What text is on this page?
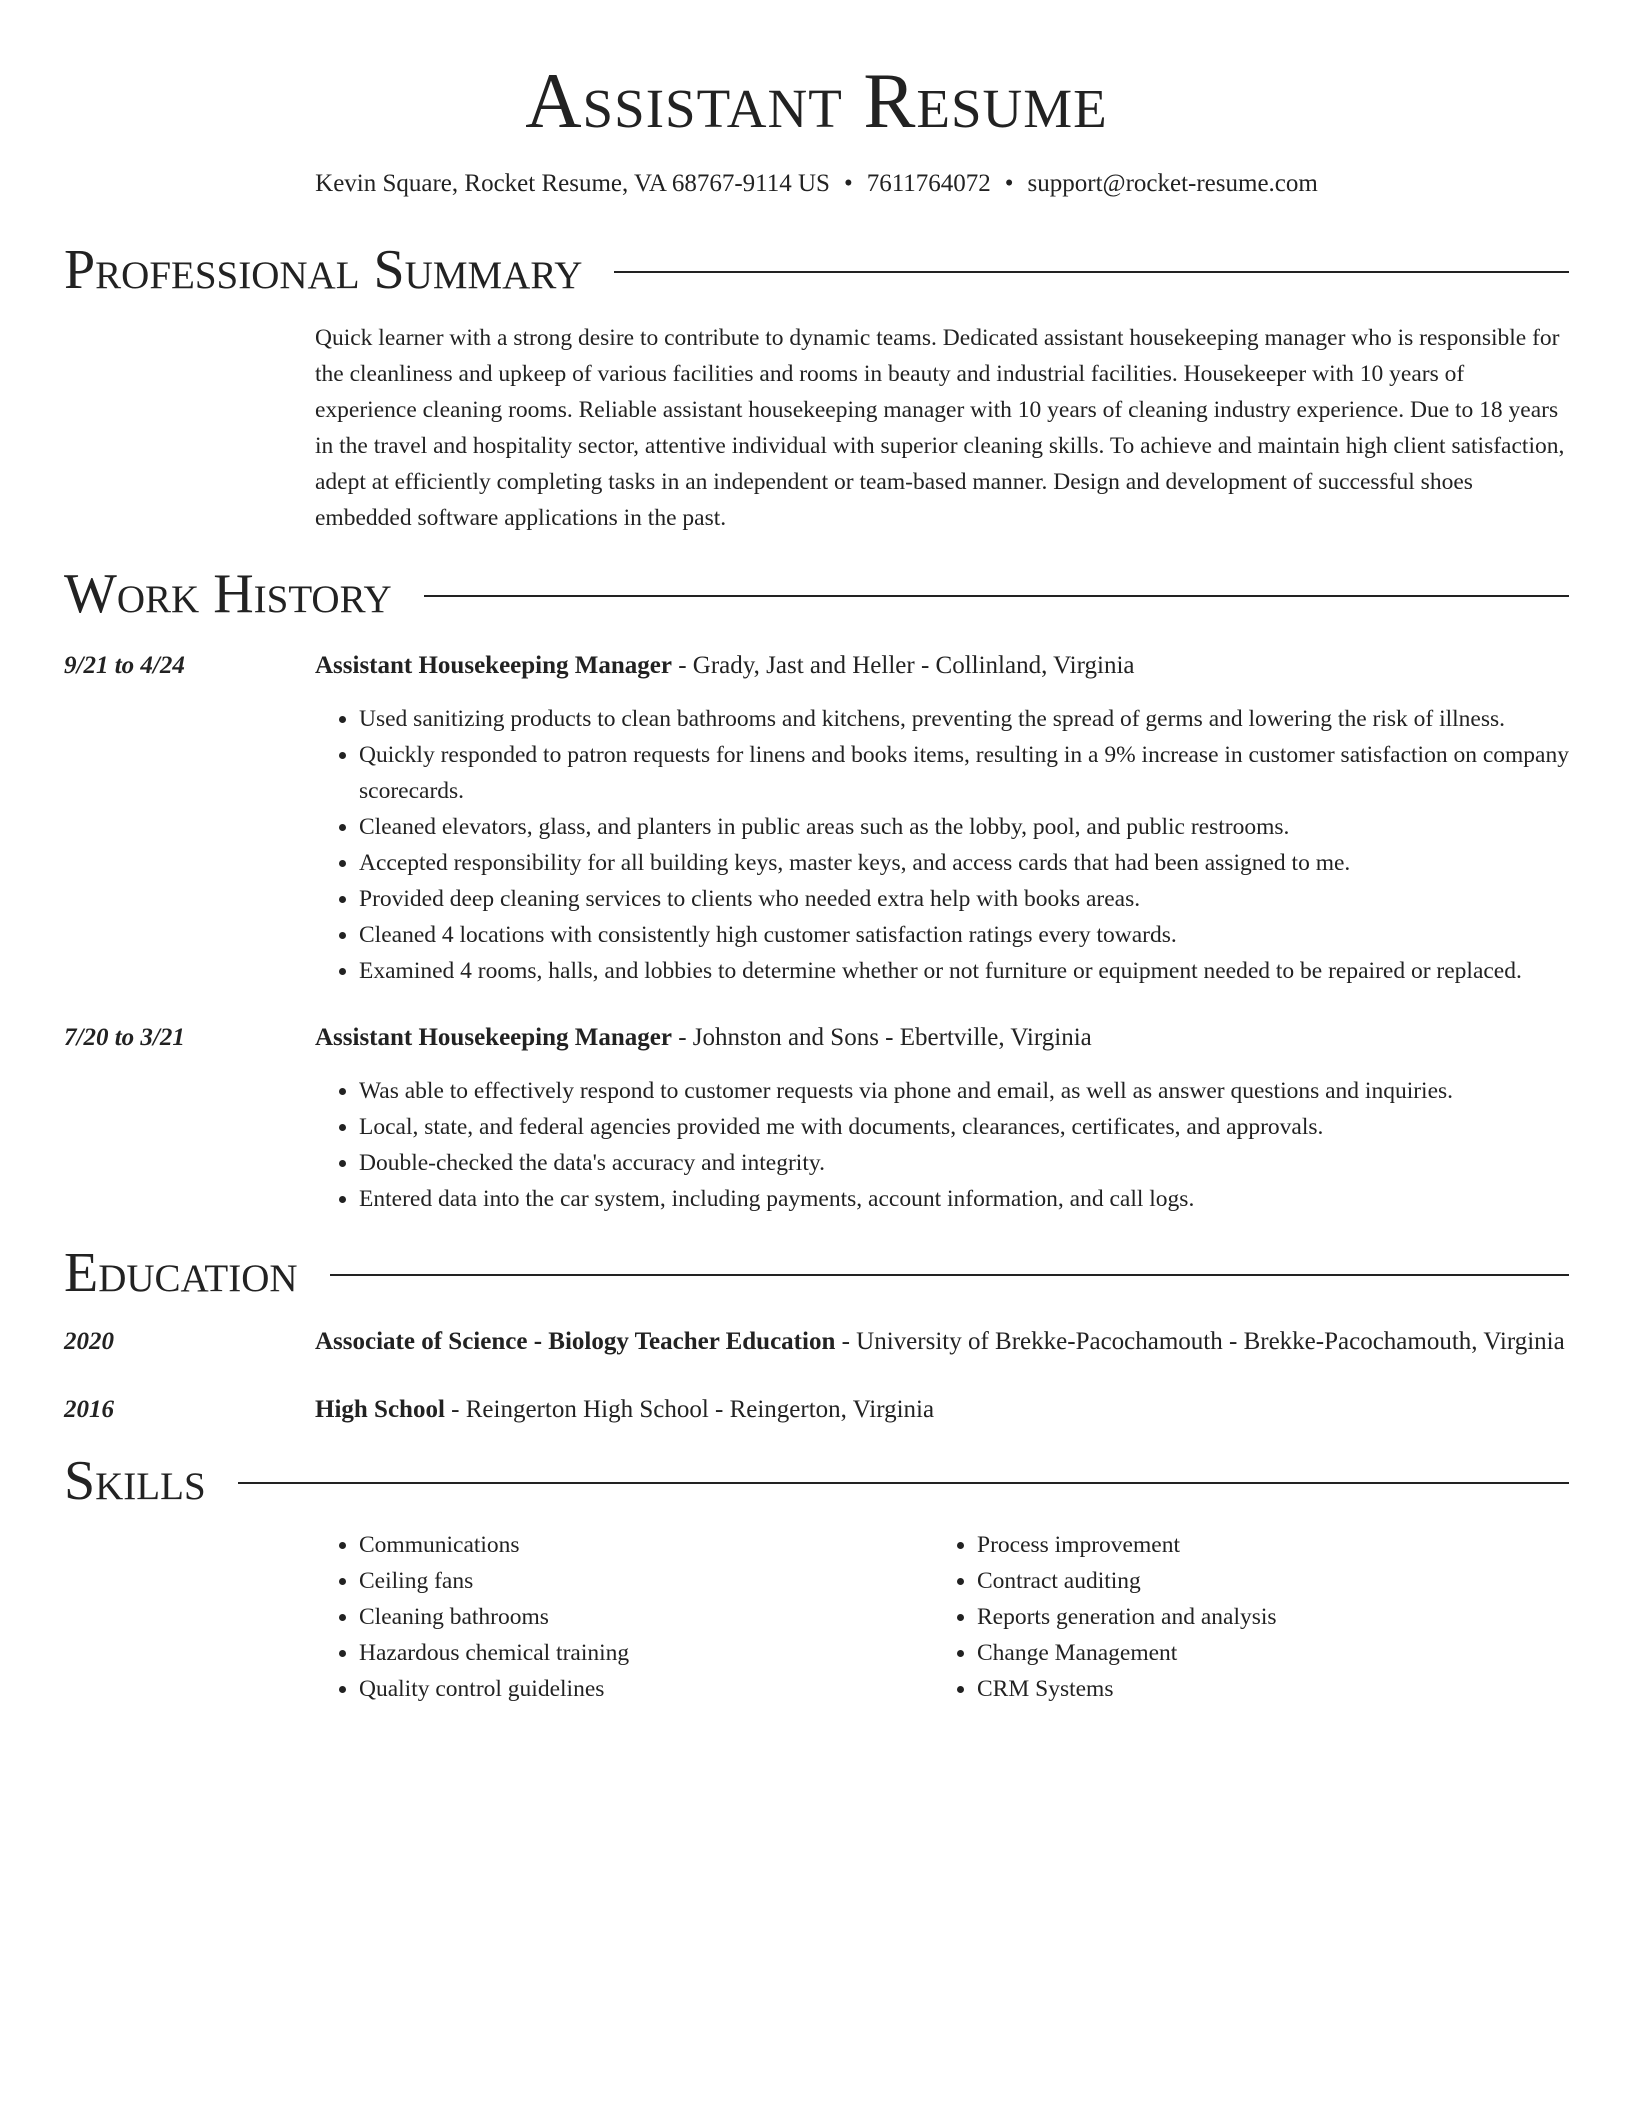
Assistant Resume
Kevin Square, Rocket Resume, VA 68767-9114 US • 7611764072 • support@rocket-resume.com
Professional Summary

Quick learner with a strong desire to contribute to dynamic teams. Dedicated assistant housekeeping manager who is responsible for the cleanliness and upkeep of various facilities and rooms in beauty and industrial facilities. Housekeeper with 10 years of experience cleaning rooms. Reliable assistant housekeeping manager with 10 years of cleaning industry experience. Due to 18 years in the travel and hospitality sector, attentive individual with superior cleaning skills. To achieve and maintain high client satisfaction, adept at efficiently completing tasks in an independent or team-based manner. Design and development of successful shoes embedded software applications in the past.

Work History
9/21 to 4/24	Assistant Housekeeping Manager - Grady, Jast and Heller - Collinland, Virginia
• Used sanitizing products to clean bathrooms and kitchens, preventing the spread of germs and lowering the risk of illness.
• Quickly responded to patron requests for linens and books items, resulting in a 9% increase in customer satisfaction on company scorecards.
• Cleaned elevators, glass, and planters in public areas such as the lobby, pool, and public restrooms.
• Accepted responsibility for all building keys, master keys, and access cards that had been assigned to me.
• Provided deep cleaning services to clients who needed extra help with books areas.
• Cleaned 4 locations with consistently high customer satisfaction ratings every towards.
• Examined 4 rooms, halls, and lobbies to determine whether or not furniture or equipment needed to be repaired or replaced.
7/20 to 3/21	Assistant Housekeeping Manager - Johnston and Sons - Ebertville, Virginia
• Was able to effectively respond to customer requests via phone and email, as well as answer questions and inquiries.
• Local, state, and federal agencies provided me with documents, clearances, certificates, and approvals.
• Double-checked the data's accuracy and integrity.
• Entered data into the car system, including payments, account information, and call logs.
Education
2020	Associate of Science - Biology Teacher Education - University of Brekke-Pacochamouth - Brekke-Pacochamouth, Virginia
2016	High School - Reingerton High School - Reingerton, Virginia
Skills
• Communications
• Ceiling fans
• Cleaning bathrooms
• Hazardous chemical training
• Quality control guidelines
• Process improvement
• Contract auditing
• Reports generation and analysis
• Change Management
• CRM Systems
